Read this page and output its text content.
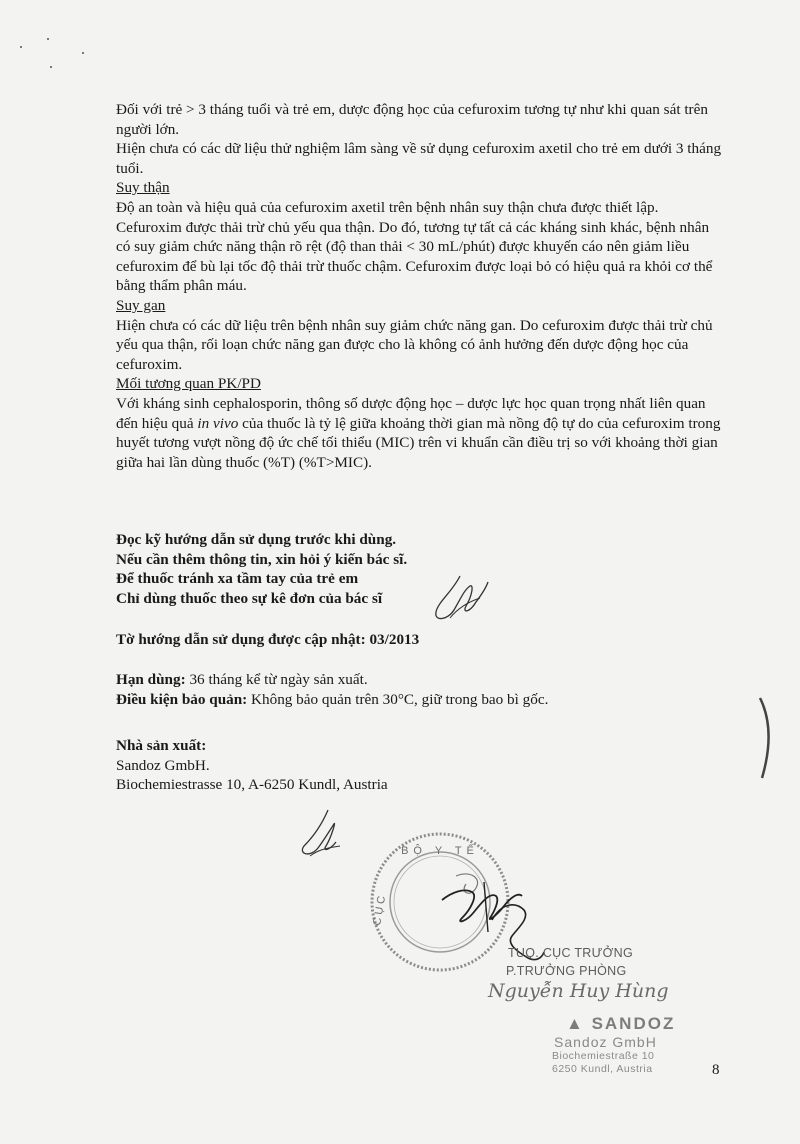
Đối với trẻ > 3 tháng tuổi và trẻ em, dược động học của cefuroxim tương tự như khi quan sát trên người lớn.

Hiện chưa có các dữ liệu thử nghiệm lâm sàng về sử dụng cefuroxim axetil cho trẻ em dưới 3 tháng tuổi.

Suy thận

Độ an toàn và hiệu quả của cefuroxim axetil trên bệnh nhân suy thận chưa được thiết lập.

Cefuroxim được thải trừ chủ yếu qua thận. Do đó, tương tự tất cả các kháng sinh khác, bệnh nhân có suy giảm chức năng thận rõ rệt (độ than thải < 30 mL/phút) được khuyến cáo nên giảm liều cefuroxim để bù lại tốc độ thải trừ thuốc chậm. Cefuroxim được loại bỏ có hiệu quả ra khỏi cơ thể bằng thẩm phân máu.

Suy gan

Hiện chưa có các dữ liệu trên bệnh nhân suy giảm chức năng gan. Do cefuroxim được thải trừ chủ yếu qua thận, rối loạn chức năng gan được cho là không có ảnh hưởng đến dược động học của cefuroxim.

Mối tương quan PK/PD

Với kháng sinh cephalosporin, thông số dược động học – dược lực học quan trọng nhất liên quan đến hiệu quả in vivo của thuốc là tỷ lệ giữa khoảng thời gian mà nồng độ tự do của cefuroxim trong huyết tương vượt nồng độ ức chế tối thiểu (MIC) trên vi khuẩn cần điều trị so với khoảng thời gian giữa hai lần dùng thuốc (%T) (%T>MIC).

Đọc kỹ hướng dẫn sử dụng trước khi dùng.

Nếu cần thêm thông tin, xin hỏi ý kiến bác sĩ.

Để thuốc tránh xa tầm tay của trẻ em

Chỉ dùng thuốc theo sự kê đơn của bác sĩ

Tờ hướng dẫn sử dụng được cập nhật: 03/2013

Hạn dùng: 36 tháng kể từ ngày sản xuất.

Điều kiện bảo quản: Không bảo quản trên 30°C, giữ trong bao bì gốc.

Nhà sản xuất:

Sandoz GmbH.

Biochemiestrasse 10, A-6250 Kundl, Austria

BỘ Y TẾ
CỤC
TUQ. CỤC TRƯỞNG
P.TRƯỞNG PHÒNG
Nguyễn Huy Hùng
▲ SANDOZ
Sandoz GmbH
Biochemiestraße 10
6250 Kundl, Austria	8
